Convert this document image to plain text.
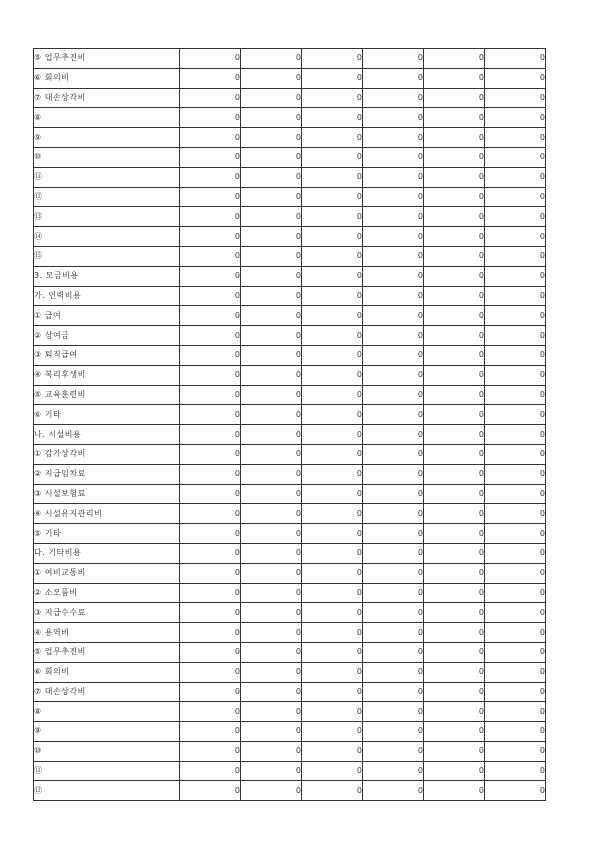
⑤ 업무추진비	0	0	0	0	0	0
⑥ 회의비	0	0	0	0	0	0
⑦ 대손상각비	0	0	0	0	0	0
⑧	0	0	0	0	0	0
⑨	0	0	0	0	0	0
⑩	0	0	0	0	0	0
⑪	0	0	0	0	0	0
⑫	0	0	0	0	0	0
⑬	0	0	0	0	0	0
⑭	0	0	0	0	0	0
⑮	0	0	0	0	0	0
3. 모금비용	0	0	0	0	0	0
가. 인력비용	0	0	0	0	0	0
① 급여	0	0	0	0	0	0
② 상여금	0	0	0	0	0	0
③ 퇴직급여	0	0	0	0	0	0
④ 복리후생비	0	0	0	0	0	0
⑤ 교육훈련비	0	0	0	0	0	0
⑥ 기타	0	0	0	0	0	0
나. 시설비용	0	0	0	0	0	0
① 감가상각비	0	0	0	0	0	0
② 지급임차료	0	0	0	0	0	0
③ 시설보험료	0	0	0	0	0	0
④ 시설유지관리비	0	0	0	0	0	0
⑤ 기타	0	0	0	0	0	0
다. 기타비용	0	0	0	0	0	0
① 여비교통비	0	0	0	0	0	0
② 소모품비	0	0	0	0	0	0
③ 지급수수료	0	0	0	0	0	0
④ 용역비	0	0	0	0	0	0
⑤ 업무추진비	0	0	0	0	0	0
⑥ 회의비	0	0	0	0	0	0
⑦ 대손상각비	0	0	0	0	0	0
⑧	0	0	0	0	0	0
⑨	0	0	0	0	0	0
⑩	0	0	0	0	0	0
⑪	0	0	0	0	0	0
⑫	0	0	0	0	0	0
